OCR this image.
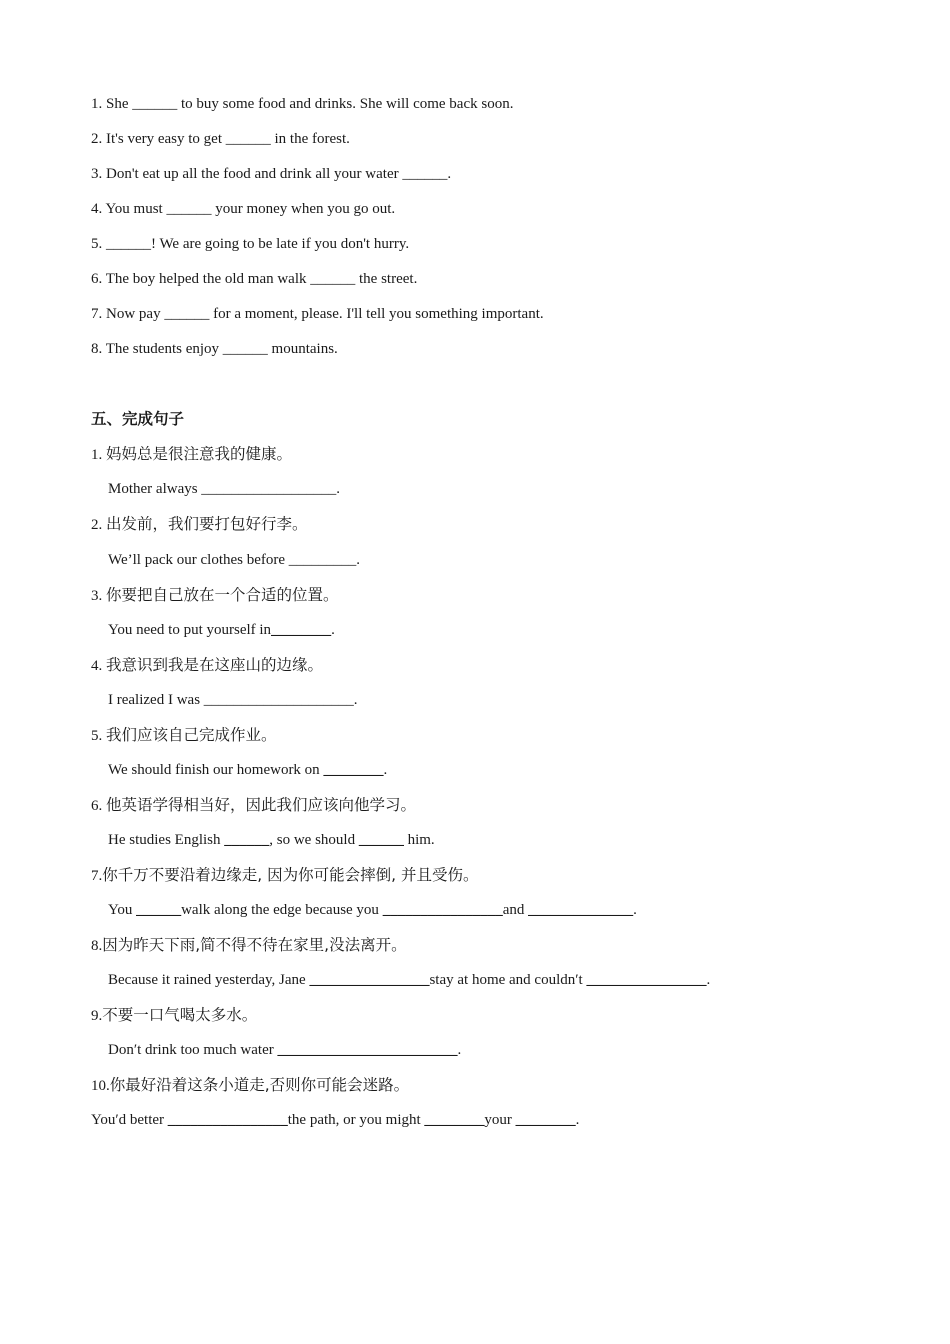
1. She ______ to buy some food and drinks. She will come back soon.
2. It's very easy to get ______ in the forest.
3. Don't eat up all the food and drink all your water ______.
4. You must ______ your money when you go out.
5. ______! We are going to be late if you don't hurry.
6. The boy helped the old man walk ______ the street.
7. Now pay ______ for a moment, please. I'll tell you something important.
8. The students enjoy ______ mountains.
五、完成句子
1. 妈妈总是很注意我的健康。
Mother always __________________.
2. 出发前，我们要打包好行李。
We’ll pack our clothes before _________.
3. 你要把自己放在一个合适的位置。
You need to put yourself in________.
4. 我意识到我是在这座山的边缘。
I realized I was ____________________.
5. 我们应该自己完成作业。
We should finish our homework on ________.
6. 他英语学得相当好，因此我们应该向他学习。
He studies English ______, so we should ______ him.
7.你千万不要沿着边缘走, 因为你可能会摔倒, 并且受伤。
You ______walk along the edge because you ________________and ______________.
8.因为昨天下雨,简不得不待在家里,没法离开。
Because it rained yesterday, Jane ________________stay at home and couldn′t ________________.
9.不要一口气喝太多水。
Don′t drink too much water ________________________.
10.你最好沿着这条小道走,否则你可能会迷路。
You′d better ________________the path, or you might ________your ________.
